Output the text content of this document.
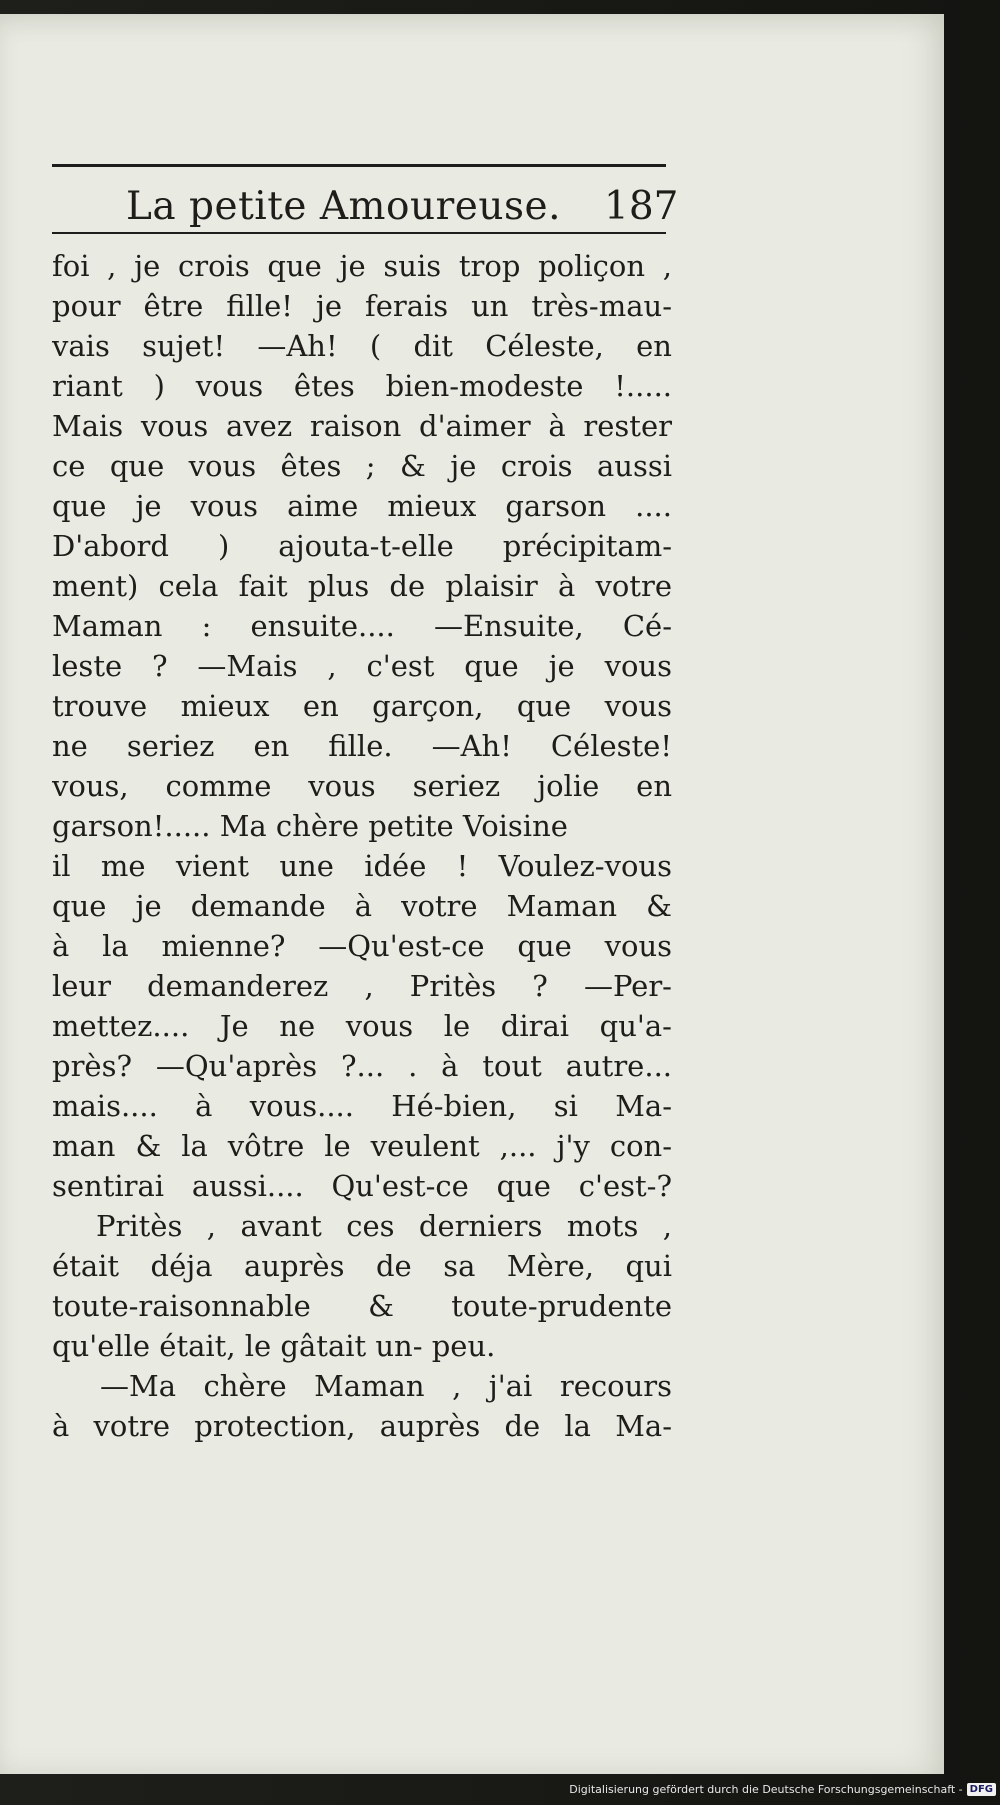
La petite Amoureuse. 187
foi , je crois que je suis trop poliçon ,
pour être fille! je ferais un très-mau-
vais sujet! —Ah! ( dit Céleste, en
riant ) vous êtes bien-modeste !.....
Mais vous avez raison d'aimer à rester
ce que vous êtes ; & je crois aussi
que je vous aime mieux garson ....
D'abord ) ajouta-t-elle précipitam-
ment) cela fait plus de plaisir à votre
Maman : ensuite.... —Ensuite, Cé-
leste ? —Mais , c'est que je vous
trouve mieux en garçon, que vous
ne seriez en fille. —Ah! Céleste!
vous, comme vous seriez jolie en
garson!..... Ma chère petite Voisine
il me vient une idée ! Voulez-vous
que je demande à votre Maman &
à la mienne? —Qu'est-ce que vous
leur demanderez , Pritès ? —Per-
mettez.... Je ne vous le dirai qu'a-
près? —Qu'après ?... . à tout autre...
mais.... à vous.... Hé-bien, si Ma-
man & la vôtre le veulent ,... j'y con-
sentirai aussi.... Qu'est-ce que c'est-?
Pritès , avant ces derniers mots ,
était déja auprès de sa Mère, qui
toute-raisonnable & toute-prudente
qu'elle était, le gâtait un- peu.
—Ma chère Maman , j'ai recours
à votre protection, auprès de la Ma-
Digitalisierung gefördert durch die Deutsche Forschungsgemeinschaft - DFG
